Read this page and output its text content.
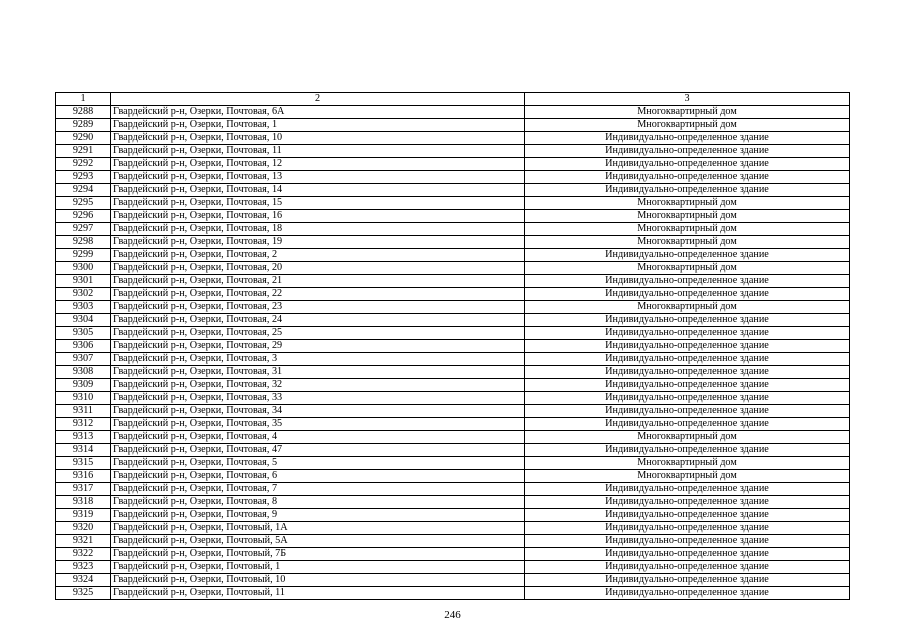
1	2	3
9288	Гвардейский р-н, Озерки, Почтовая, 6А	Многоквартирный дом
9289	Гвардейский р-н, Озерки, Почтовая, 1	Многоквартирный дом
9290	Гвардейский р-н, Озерки, Почтовая, 10	Индивидуально-определенное здание
9291	Гвардейский р-н, Озерки, Почтовая, 11	Индивидуально-определенное здание
9292	Гвардейский р-н, Озерки, Почтовая, 12	Индивидуально-определенное здание
9293	Гвардейский р-н, Озерки, Почтовая, 13	Индивидуально-определенное здание
9294	Гвардейский р-н, Озерки, Почтовая, 14	Индивидуально-определенное здание
9295	Гвардейский р-н, Озерки, Почтовая, 15	Многоквартирный дом
9296	Гвардейский р-н, Озерки, Почтовая, 16	Многоквартирный дом
9297	Гвардейский р-н, Озерки, Почтовая, 18	Многоквартирный дом
9298	Гвардейский р-н, Озерки, Почтовая, 19	Многоквартирный дом
9299	Гвардейский р-н, Озерки, Почтовая, 2	Индивидуально-определенное здание
9300	Гвардейский р-н, Озерки, Почтовая, 20	Многоквартирный дом
9301	Гвардейский р-н, Озерки, Почтовая, 21	Индивидуально-определенное здание
9302	Гвардейский р-н, Озерки, Почтовая, 22	Индивидуально-определенное здание
9303	Гвардейский р-н, Озерки, Почтовая, 23	Многоквартирный дом
9304	Гвардейский р-н, Озерки, Почтовая, 24	Индивидуально-определенное здание
9305	Гвардейский р-н, Озерки, Почтовая, 25	Индивидуально-определенное здание
9306	Гвардейский р-н, Озерки, Почтовая, 29	Индивидуально-определенное здание
9307	Гвардейский р-н, Озерки, Почтовая, 3	Индивидуально-определенное здание
9308	Гвардейский р-н, Озерки, Почтовая, 31	Индивидуально-определенное здание
9309	Гвардейский р-н, Озерки, Почтовая, 32	Индивидуально-определенное здание
9310	Гвардейский р-н, Озерки, Почтовая, 33	Индивидуально-определенное здание
9311	Гвардейский р-н, Озерки, Почтовая, 34	Индивидуально-определенное здание
9312	Гвардейский р-н, Озерки, Почтовая, 35	Индивидуально-определенное здание
9313	Гвардейский р-н, Озерки, Почтовая, 4	Многоквартирный дом
9314	Гвардейский р-н, Озерки, Почтовая, 47	Индивидуально-определенное здание
9315	Гвардейский р-н, Озерки, Почтовая, 5	Многоквартирный дом
9316	Гвардейский р-н, Озерки, Почтовая, 6	Многоквартирный дом
9317	Гвардейский р-н, Озерки, Почтовая, 7	Индивидуально-определенное здание
9318	Гвардейский р-н, Озерки, Почтовая, 8	Индивидуально-определенное здание
9319	Гвардейский р-н, Озерки, Почтовая, 9	Индивидуально-определенное здание
9320	Гвардейский р-н, Озерки, Почтовый, 1А	Индивидуально-определенное здание
9321	Гвардейский р-н, Озерки, Почтовый, 5А	Индивидуально-определенное здание
9322	Гвардейский р-н, Озерки, Почтовый, 7Б	Индивидуально-определенное здание
9323	Гвардейский р-н, Озерки, Почтовый, 1	Индивидуально-определенное здание
9324	Гвардейский р-н, Озерки, Почтовый, 10	Индивидуально-определенное здание
9325	Гвардейский р-н, Озерки, Почтовый, 11	Индивидуально-определенное здание
246
